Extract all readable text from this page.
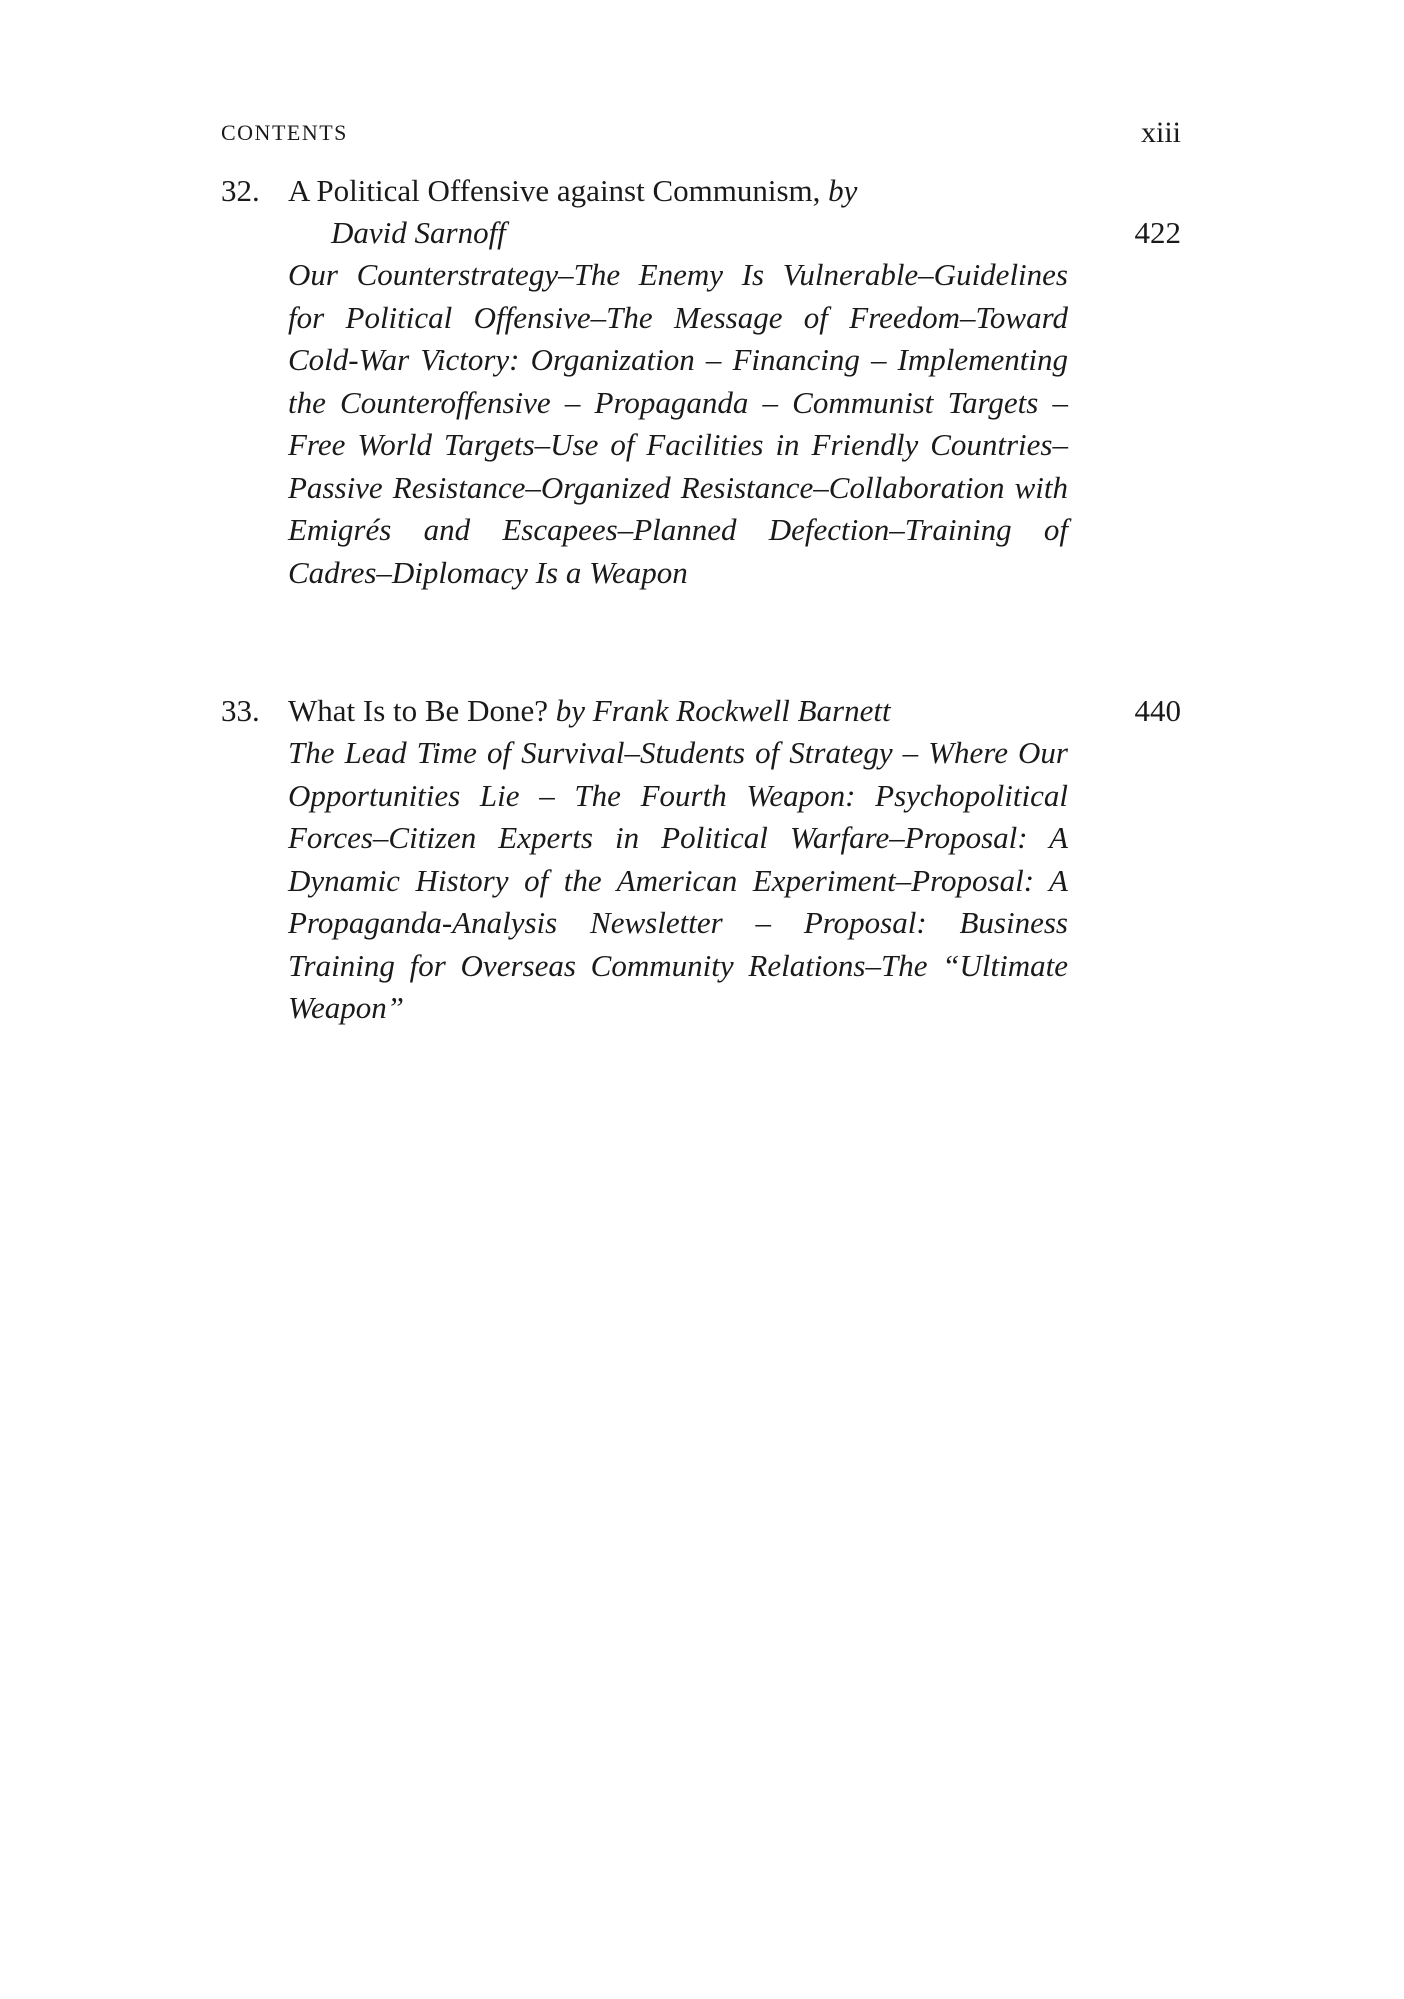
CONTENTS	xiii
32. A Political Offensive against Communism, by
David Sarnoff	422
Our Counterstrategy–The Enemy Is Vulnerable–Guidelines for Political Offensive–The Message of Freedom–Toward Cold-War Victory: Organization – Financing – Implementing the Counteroffensive – Propaganda – Communist Targets – Free World Targets–Use of Facilities in Friendly Countries–Passive Resistance–Organized Resistance–Collaboration with Emigrés and Escapees–Planned Defection–Training of Cadres–Diplomacy Is a Weapon
33. What Is to Be Done? by Frank Rockwell Barnett	440
The Lead Time of Survival–Students of Strategy – Where Our Opportunities Lie – The Fourth Weapon: Psychopolitical Forces–Citizen Experts in Political Warfare–Proposal: A Dynamic History of the American Experiment–Proposal: A Propaganda-Analysis Newsletter – Proposal: Business Training for Overseas Community Relations–The “Ultimate Weapon”
